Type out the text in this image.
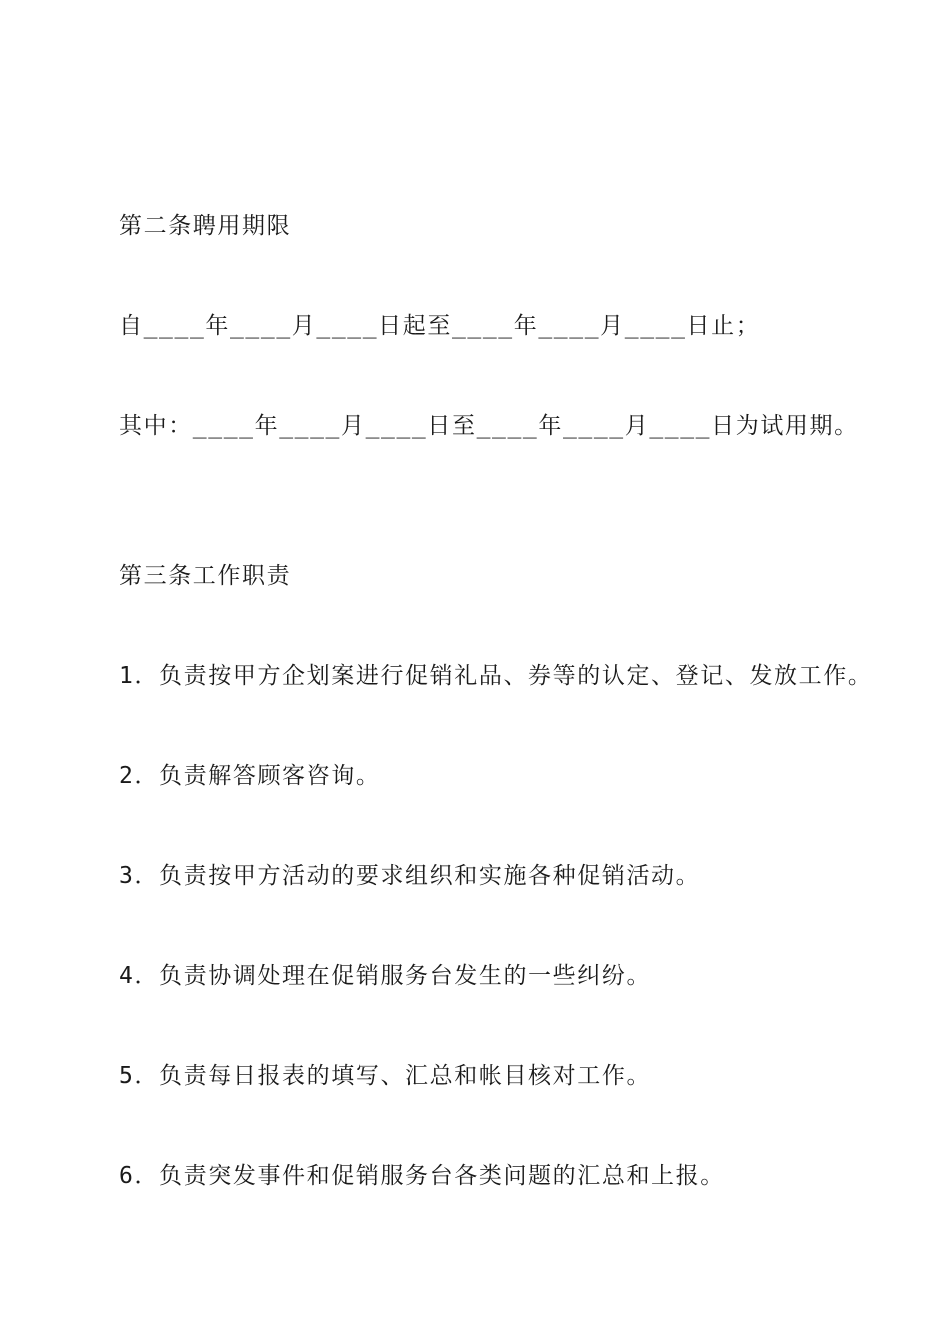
第二条聘用期限
自____年____月____日起至____年____月____日止；
其中：____年____月____日至____年____月____日为试用期。
第三条工作职责
1．负责按甲方企划案进行促销礼品、券等的认定、登记、发放工作。
2．负责解答顾客咨询。
3．负责按甲方活动的要求组织和实施各种促销活动。
4．负责协调处理在促销服务台发生的一些纠纷。
5．负责每日报表的填写、汇总和帐目核对工作。
6．负责突发事件和促销服务台各类问题的汇总和上报。
